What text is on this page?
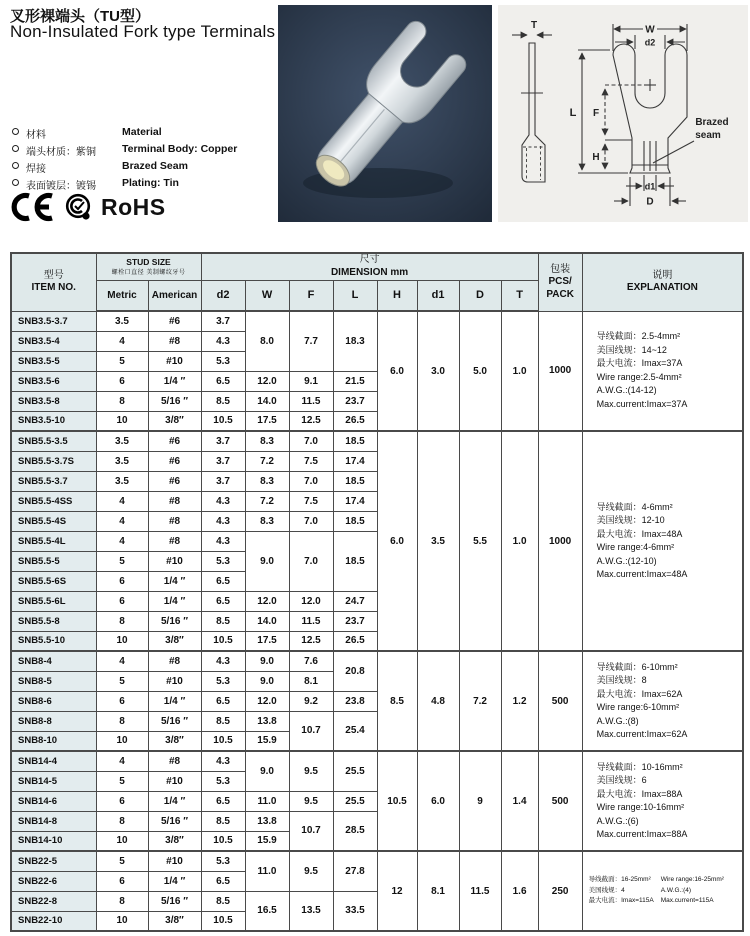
叉形裸端头（TU型）
Non-Insulated Fork type Terminals
材料	Material
端头材质：紫铜	Terminal Body: Copper
焊接	Brazed Seam
表面镀层：镀锡	Plating: Tin
RoHS
T	W
d2
L F
H
d1
D
Brazed
seam
型号
ITEM NO.

STUD SIZE
螺栓口直径 美制螺纹牙号

尺寸
DIMENSION mm	包装
PCS/
PACK

说明
EXPLANATION

	Metric	American	d2	W	F	L	H	d1	D	T		
SNB3.5-3.7	3.5	#6	3.7	8.0	7.7	18.3	6.0	3.0	5.0	1.0	1000	
导线截面：2.5-4mm²
美国线规：14~12
最大电流：Imax=37A
Wire range:2.5-4mm²
A.W.G.:(14-12)
Max.current:Imax=37A

SNB3.5-4	4	#8	4.3									
SNB3.5-5	5	#10	5.3									
SNB3.5-6	6	1/4 ″	6.5	12.0	9.1	21.5						
SNB3.5-8	8	5/16 ″	8.5	14.0	11.5	23.7						
SNB3.5-10	10	3/8″	10.5	17.5	12.5	26.5						
SNB5.5-3.5	3.5	#6	3.7	8.3	7.0	18.5	6.0	3.5	5.5	1.0	1000	
导线截面：4-6mm²
美国线规：12-10
最大电流：Imax=48A
Wire range:4-6mm²
A.W.G.:(12-10)
Max.current:Imax=48A

SNB5.5-3.7S	3.5	#6	3.7	7.2	7.5	17.4						
SNB5.5-3.7	3.5	#6	3.7	8.3	7.0	18.5						
SNB5.5-4SS	4	#8	4.3	7.2	7.5	17.4						
SNB5.5-4S	4	#8	4.3	8.3	7.0	18.5						
SNB5.5-4L	4	#8	4.3	9.0	7.0	18.5						
SNB5.5-5	5	#10	5.3									
SNB5.5-6S	6	1/4 ″	6.5									
SNB5.5-6L	6	1/4 ″	6.5	12.0	12.0	24.7						
SNB5.5-8	8	5/16 ″	8.5	14.0	11.5	23.7						
SNB5.5-10	10	3/8″	10.5	17.5	12.5	26.5						
SNB8-4	4	#8	4.3	9.0	7.6	20.8	8.5	4.8	7.2	1.2	500	
导线截面：6-10mm²
美国线规：8
最大电流：Imax=62A
Wire range:6-10mm²
A.W.G.:(8)
Max.current:Imax=62A

SNB8-5	5	#10	5.3	9.0	8.1							
SNB8-6	6	1/4 ″	6.5	12.0	9.2	23.8						
SNB8-8	8	5/16 ″	8.5	13.8	10.7	25.4						
SNB8-10	10	3/8″	10.5	15.9								
SNB14-4	4	#8	4.3	9.0	9.5	25.5	10.5	6.0	9	1.4	500	
导线截面：10-16mm²
美国线规：6
最大电流：Imax=88A
Wire range:10-16mm²
A.W.G.:(6)
Max.current:Imax=88A

SNB14-5	5	#10	5.3									
SNB14-6	6	1/4 ″	6.5	11.0	9.5	25.5						
SNB14-8	8	5/16 ″	8.5	13.8	10.7	28.5						
SNB14-10	10	3/8″	10.5	15.9								
SNB22-5	5	#10	5.3	11.0	9.5	27.8	12	8.1	11.5	1.6	250	
导线截面：16-25mm²
美国线规：4
最大电流：Imax=115A
Wire range:16-25mm²
A.W.G.:(4)
Max.current=115A

SNB22-6	6	1/4 ″	6.5									
SNB22-8	8	5/16 ″	8.5	16.5	13.5	33.5						
SNB22-10	10	3/8″	10.5									
